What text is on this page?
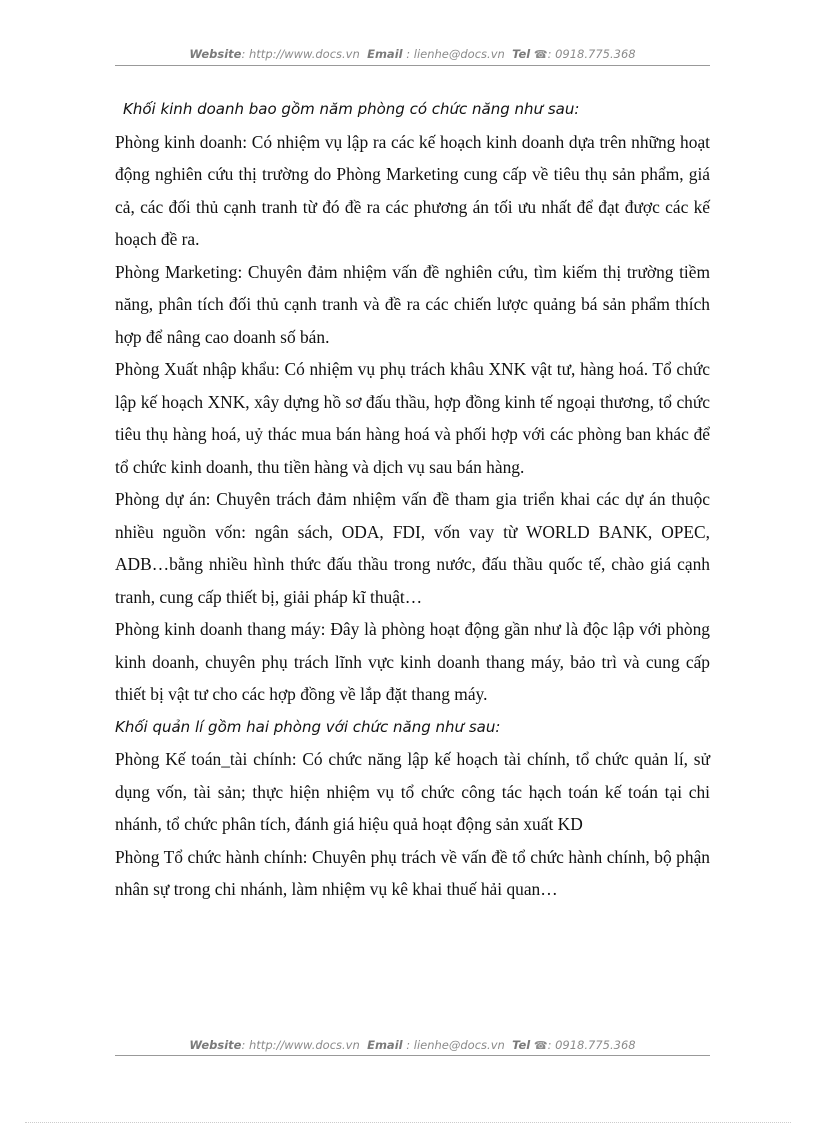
Website: http://www.docs.vn Email : lienhe@docs.vn Tel ☎: 0918.775.368

Khối kinh doanh bao gồm năm phòng có chức năng như sau:

Phòng kinh doanh: Có nhiệm vụ lập ra các kế hoạch kinh doanh dựa trên những hoạt động nghiên cứu thị trường do Phòng Marketing cung cấp về tiêu thụ sản phẩm, giá cả, các đối thủ cạnh tranh từ đó đề ra các phương án tối ưu nhất để đạt được các kế hoạch đề ra.

Phòng Marketing: Chuyên đảm nhiệm vấn đề nghiên cứu, tìm kiếm thị trường tiềm năng, phân tích đối thủ cạnh tranh và đề ra các chiến lược quảng bá sản phẩm thích hợp để nâng cao doanh số bán.

Phòng Xuất nhập khẩu: Có nhiệm vụ phụ trách khâu XNK vật tư, hàng hoá. Tổ chức lập kế hoạch XNK, xây dựng hồ sơ đấu thầu, hợp đồng kinh tế ngoại thương, tổ chức tiêu thụ hàng hoá, uỷ thác mua bán hàng hoá và phối hợp với các phòng ban khác để tổ chức kinh doanh, thu tiền hàng và dịch vụ sau bán hàng.

Phòng dự án: Chuyên trách đảm nhiệm vấn đề tham gia triển khai các dự án thuộc nhiều nguồn vốn: ngân sách, ODA, FDI, vốn vay từ WORLD BANK, OPEC, ADB…bằng nhiều hình thức đấu thầu trong nước, đấu thầu quốc tế, chào giá cạnh tranh, cung cấp thiết bị, giải pháp kĩ thuật…

Phòng kinh doanh thang máy: Đây là phòng hoạt động gần như là độc lập với phòng kinh doanh, chuyên phụ trách lĩnh vực kinh doanh thang máy, bảo trì và cung cấp thiết bị vật tư cho các hợp đồng về lắp đặt thang máy.

Khối quản lí gồm hai phòng với chức năng như sau:

Phòng Kế toán_tài chính: Có chức năng lập kế hoạch tài chính, tổ chức quản lí, sử dụng vốn, tài sản; thực hiện nhiệm vụ tổ chức công tác hạch toán kế toán tại chi nhánh, tổ chức phân tích, đánh giá hiệu quả hoạt động sản xuất KD

Phòng Tổ chức hành chính: Chuyên phụ trách về vấn đề tổ chức hành chính, bộ phận nhân sự trong chi nhánh, làm nhiệm vụ kê khai thuế hải quan…

Website: http://www.docs.vn Email : lienhe@docs.vn Tel ☎: 0918.775.368
